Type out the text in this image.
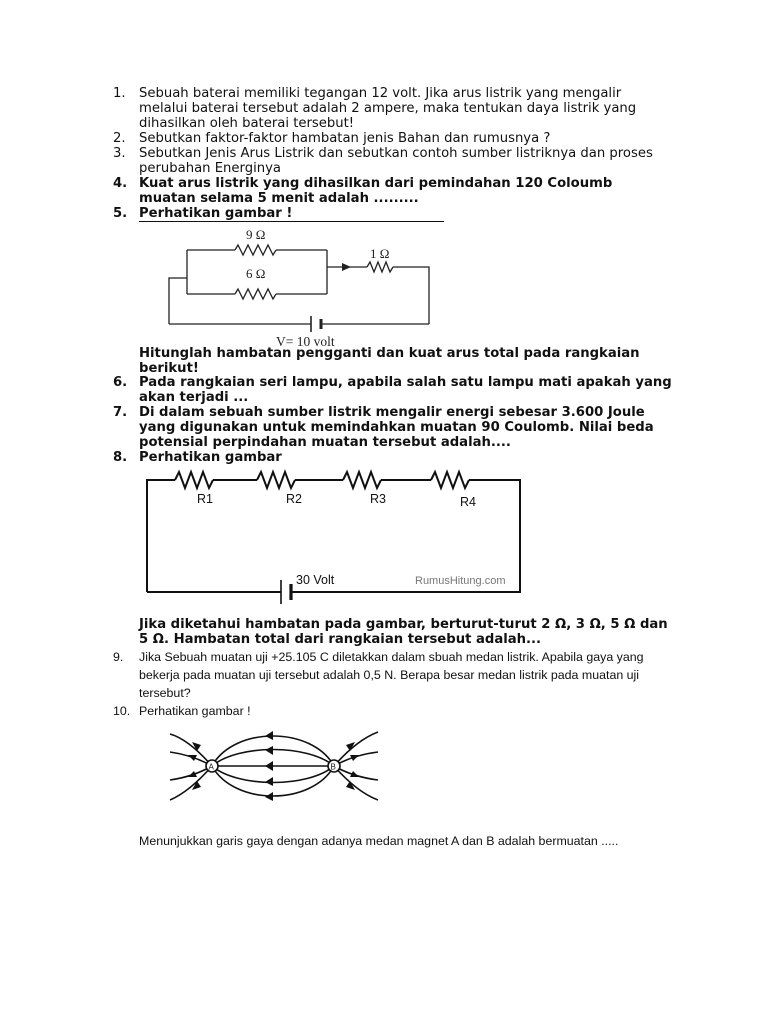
1.	Sebuah baterai memiliki tegangan 12 volt. Jika arus listrik yang mengalir melalui baterai tersebut adalah 2 ampere, maka tentukan daya listrik yang dihasilkan oleh baterai tersebut!
2.	Sebutkan faktor-faktor hambatan jenis Bahan dan rumusnya ?
3.	Sebutkan Jenis Arus Listrik dan sebutkan contoh sumber listriknya dan proses perubahan Energinya
4. Kuat arus listrik yang dihasilkan dari pemindahan 120 Coloumb muatan selama 5 menit adalah .........
5. Perhatikan gambar !
9 Ω
6 Ω
1 Ω
V= 10 volt
Hitunglah hambatan pengganti dan kuat arus total pada rangkaian berikut!
6. Pada rangkaian seri lampu, apabila salah satu lampu mati apakah yang akan terjadi ...
7. Di dalam sebuah sumber listrik mengalir energi sebesar 3.600 Joule yang digunakan untuk memindahkan muatan 90 Coulomb. Nilai beda potensial perpindahan muatan tersebut adalah....
8. Perhatikan gambar
R1	R2	R3	R4
30 Volt	RumusHitung.com
Jika diketahui hambatan pada gambar, berturut-turut 2 Ω, 3 Ω, 5 Ω dan 5 Ω. Hambatan total dari rangkaian tersebut adalah...
9.	Jika Sebuah muatan uji +25.105 C diletakkan dalam sbuah medan listrik. Apabila gaya yang bekerja pada muatan uji tersebut adalah 0,5 N. Berapa besar medan listrik pada muatan uji tersebut?
10. Perhatikan gambar !
A	B
Menunjukkan garis gaya dengan adanya medan magnet A dan B adalah bermuatan .....
